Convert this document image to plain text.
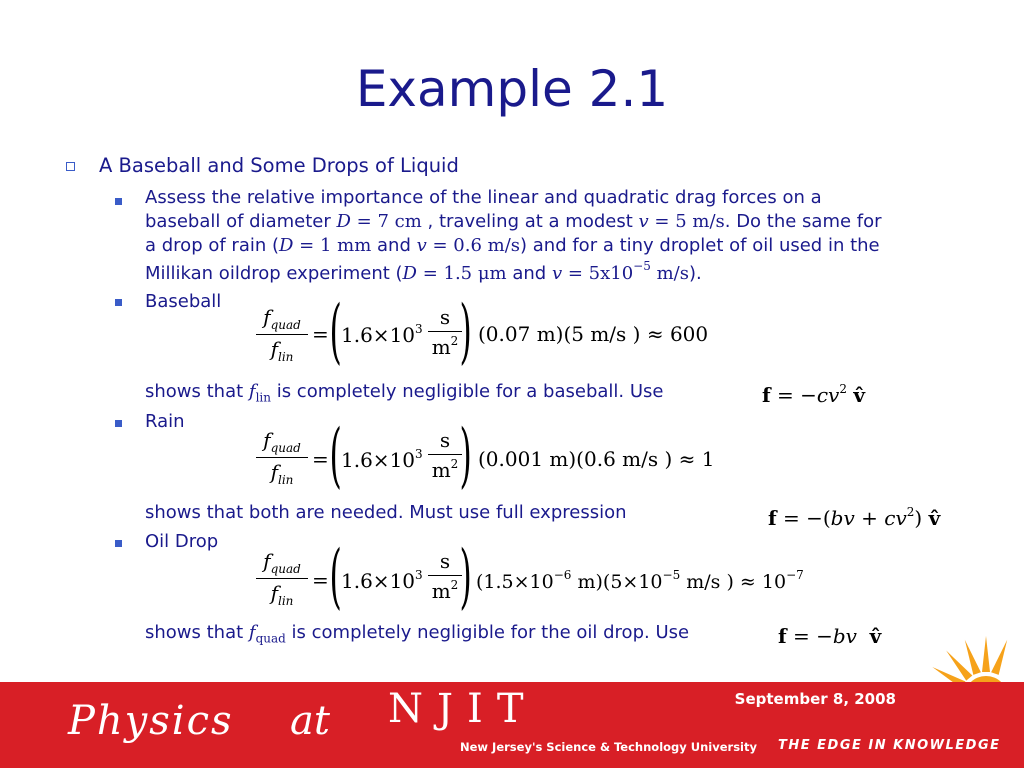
Example 2.1
A Baseball and Some Drops of Liquid
Assess the relative importance of the linear and quadratic drag forces on a
baseball of diameter D = 7 cm , traveling at a modest v = 5 m/s. Do the same for
a drop of rain (D = 1 mm and v = 0.6 m/s) and for a tiny droplet of oil used in the
Millikan oildrop experiment (D = 1.5 μm and $v = 5x10^{-5}$ m/s).
Baseball
$f_{quad}$
$f_{lin}$
= ( $1.6\times 10^3$ s
$m^2$ ) (0.07 m)(5 m/s ) ≈ 600
shows that $f_{lin}$ is completely negligible for a baseball. Use	$f = -cv^2$ v̂
Rain
$f_{quad}$
$f_{lin}$
= ( $1.6\times 10^3$
s
$m^2$ ) (0.001 m)(0.6 m/s ) ≈ 1
shows that both are needed. Must use full expression	$f = -(bv + cv^2)$ v̂
Oil Drop
$f_{quad}$
$f_{lin}$
= ( $1.6\times 10^3$
s
$m^2$ ) ($1.5\times 10^{-6}$ $m)(5\times 10^{-5}$ m/s ) ≈ $10^{-7}$
shows that $f_{quad}$ is completely negligible for the oil drop. Use	f = −bv v̂
September 8, 2008
Physics at NJIT
New Jersey's Science & Technology University THE EDGE IN KNOWLEDGE
